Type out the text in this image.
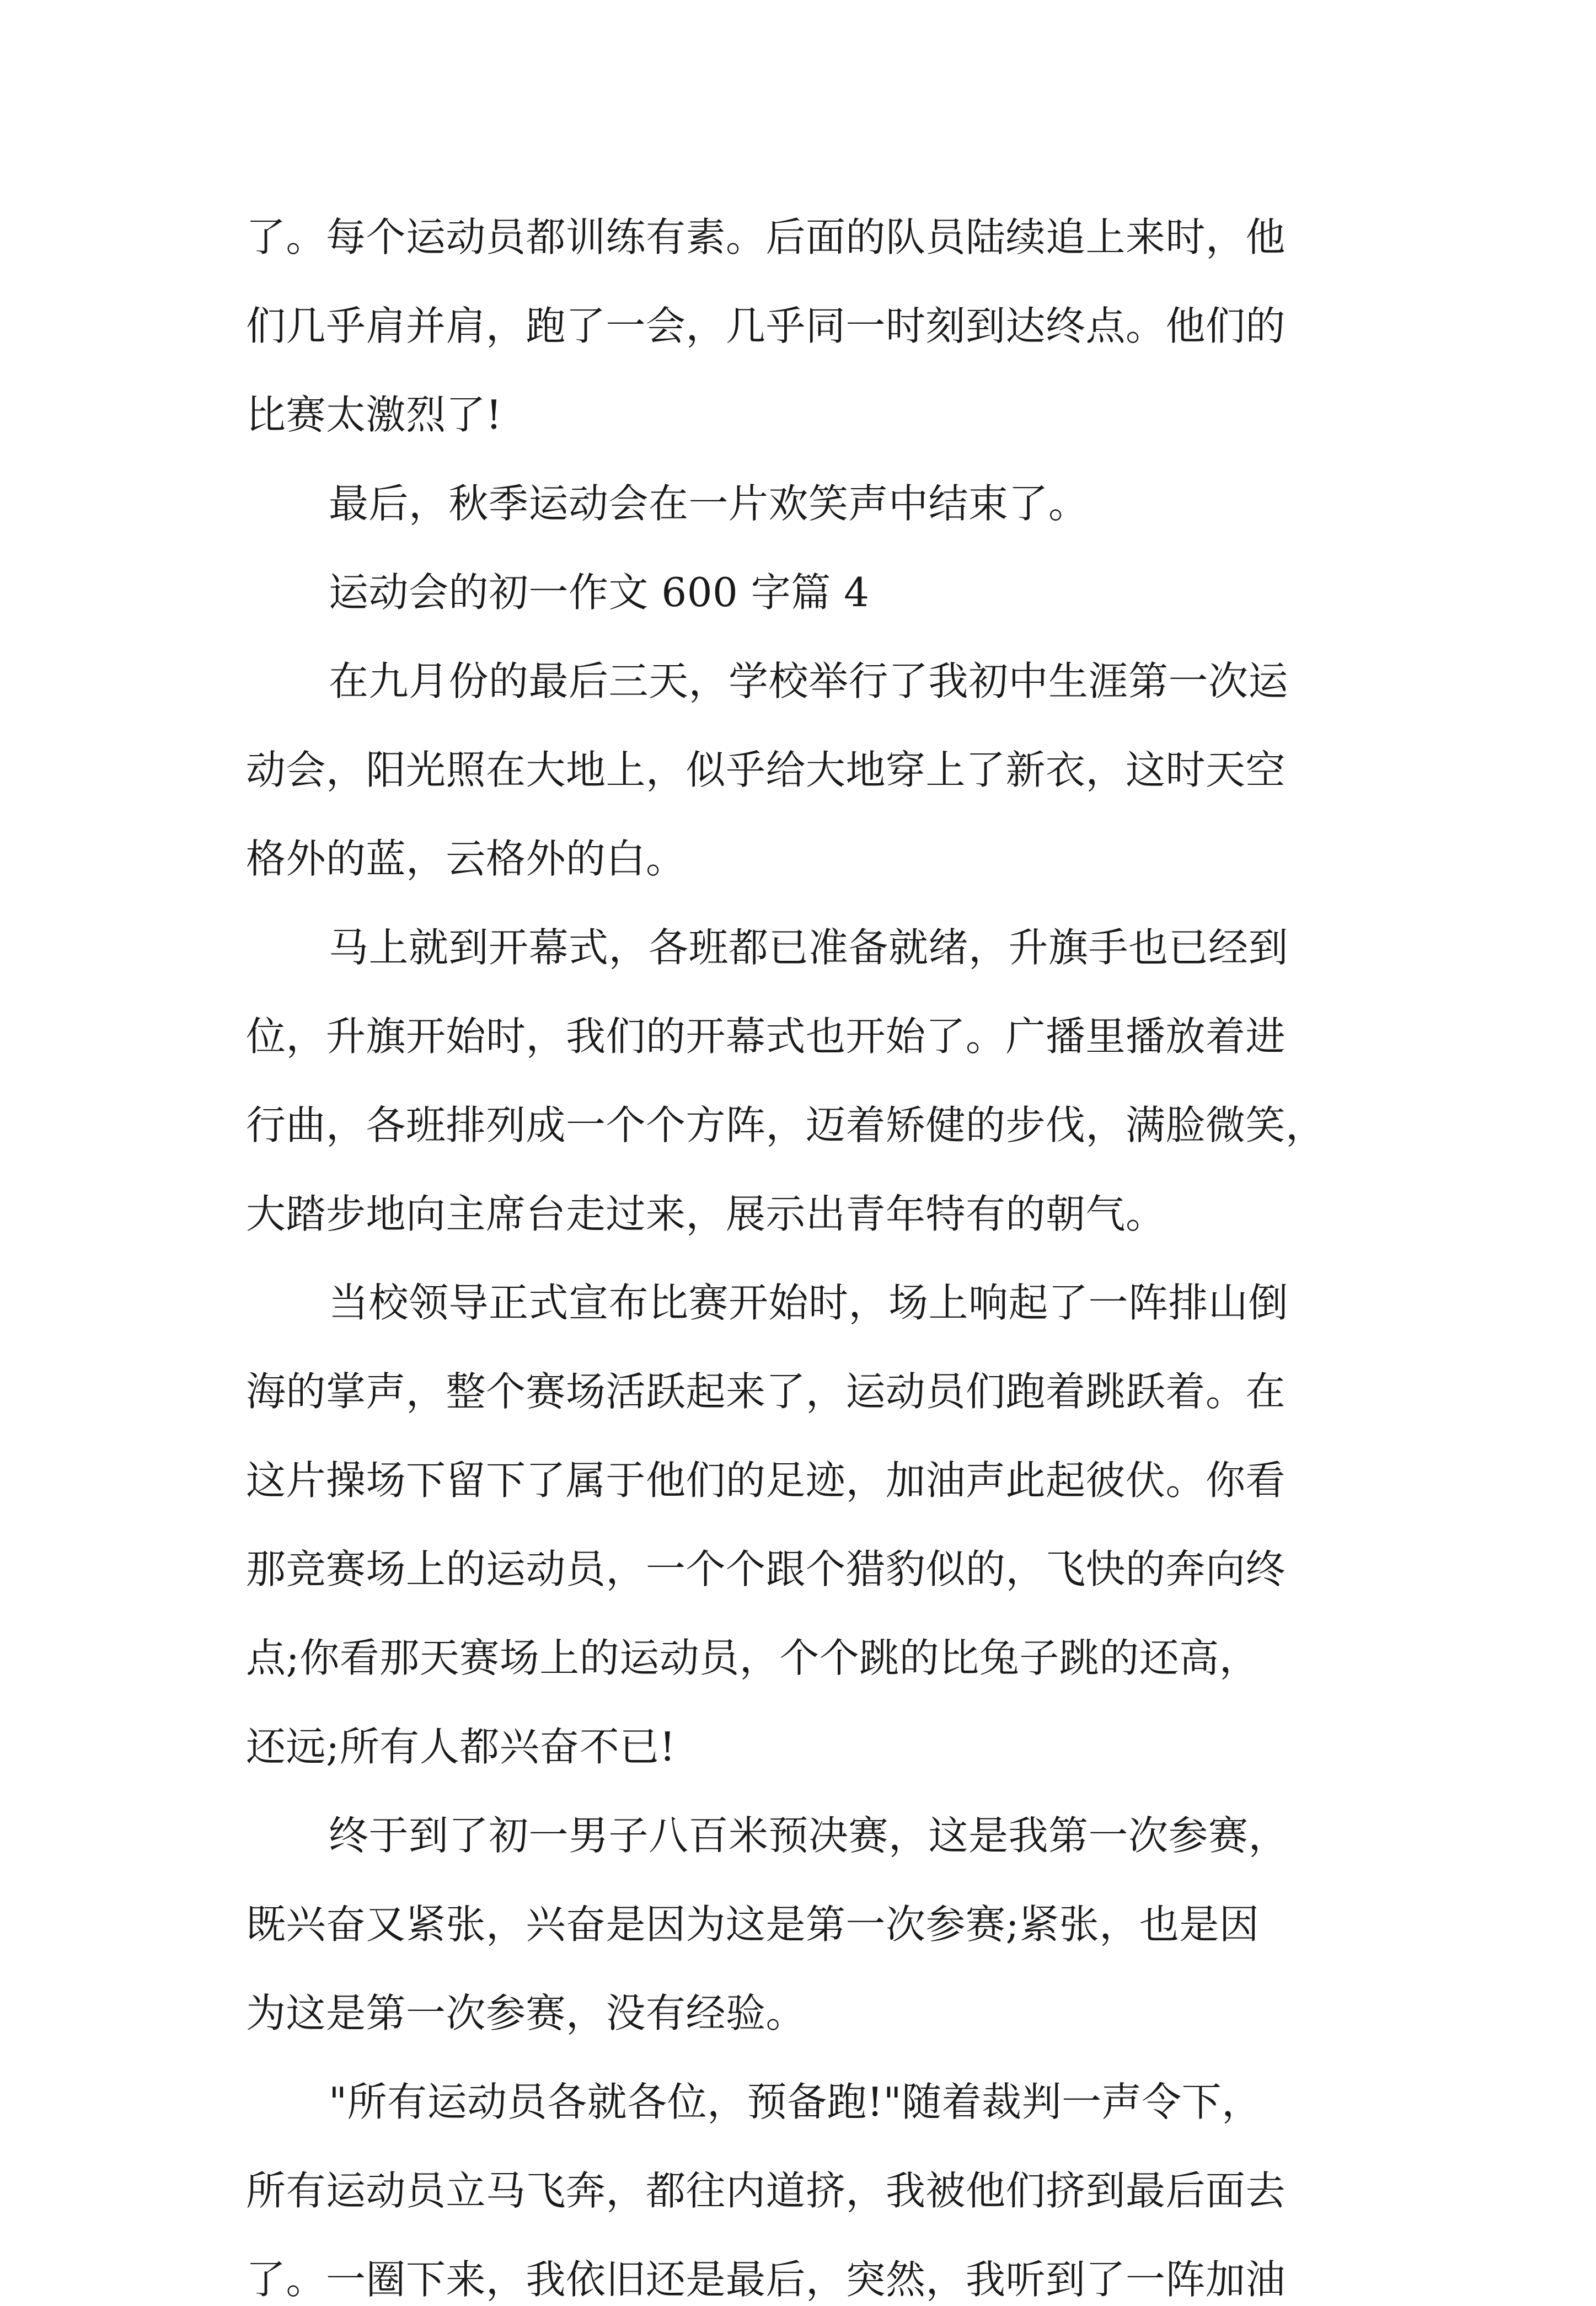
了。每个运动员都训练有素。后面的队员陆续追上来时，他
们几乎肩并肩，跑了一会，几乎同一时刻到达终点。他们的
比赛太激烈了!
最后，秋季运动会在一片欢笑声中结束了。
运动会的初一作文 600 字篇 4
在九月份的最后三天，学校举行了我初中生涯第一次运
动会，阳光照在大地上，似乎给大地穿上了新衣，这时天空
格外的蓝，云格外的白。
马上就到开幕式，各班都已准备就绪，升旗手也已经到
位，升旗开始时，我们的开幕式也开始了。广播里播放着进
行曲，各班排列成一个个方阵，迈着矫健的步伐，满脸微笑，
大踏步地向主席台走过来，展示出青年特有的朝气。
当校领导正式宣布比赛开始时，场上响起了一阵排山倒
海的掌声，整个赛场活跃起来了，运动员们跑着跳跃着。在
这片操场下留下了属于他们的足迹，加油声此起彼伏。你看
那竞赛场上的运动员，一个个跟个猎豹似的，飞快的奔向终
点;你看那天赛场上的运动员，个个跳的比兔子跳的还高，
还远;所有人都兴奋不已!
终于到了初一男子八百米预决赛，这是我第一次参赛，
既兴奋又紧张，兴奋是因为这是第一次参赛;紧张，也是因
为这是第一次参赛，没有经验。
"所有运动员各就各位，预备跑!"随着裁判一声令下，
所有运动员立马飞奔，都往内道挤，我被他们挤到最后面去
了。一圈下来，我依旧还是最后，突然，我听到了一阵加油
